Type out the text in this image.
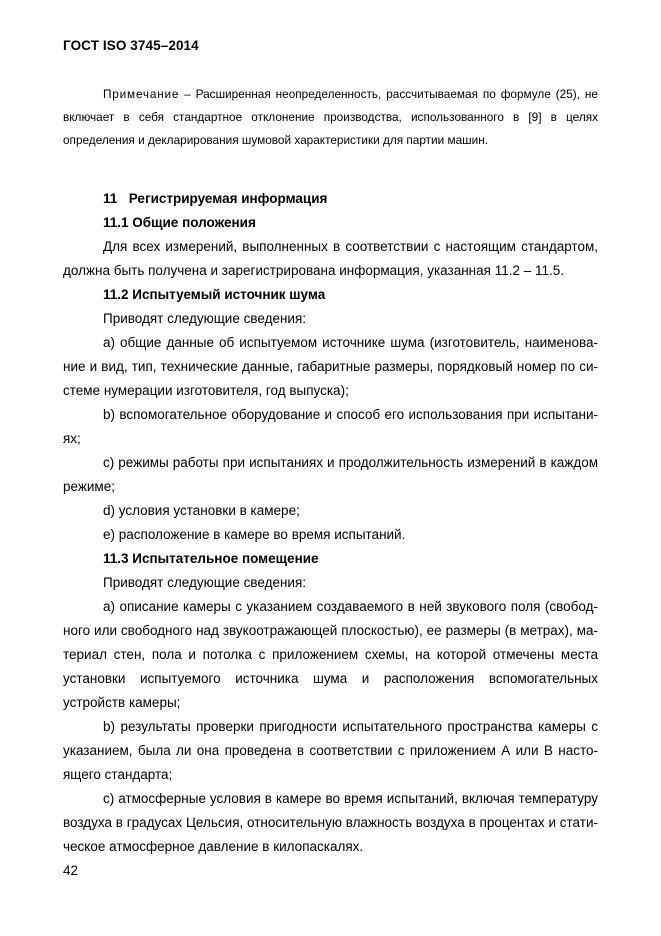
ГОСТ ISO 3745–2014

Примечание – Расширенная неопределенность, рассчитываемая по формуле (25), не включает в себя стандартное отклонение производства, использованного в [9] в целях определения и декларирования шумовой характеристики для партии машин.

11 Регистрируемая информация

11.1 Общие положения

Для всех измерений, выполненных в соответствии с настоящим стандартом, должна быть получена и зарегистрирована информация, указанная 11.2 – 11.5.

11.2 Испытуемый источник шума

Приводят следующие сведения:

a) общие данные об испытуемом источнике шума (изготовитель, наименование и вид, тип, технические данные, габаритные размеры, порядковый номер по системе нумерации изготовителя, год выпуска);

b) вспомогательное оборудование и способ его использования при испытаниях;

c) режимы работы при испытаниях и продолжительность измерений в каждом режиме;

d) условия установки в камере;

e) расположение в камере во время испытаний.

11.3 Испытательное помещение

Приводят следующие сведения:

a) описание камеры с указанием создаваемого в ней звукового поля (свободного или свободного над звукоотражающей плоскостью), ее размеры (в метрах), материал стен, пола и потолка с приложением схемы, на которой отмечены места установки испытуемого источника шума и расположения вспомогательных устройств камеры;

b) результаты проверки пригодности испытательного пространства камеры с указанием, была ли она проведена в соответствии с приложением А или В настоящего стандарта;

c) атмосферные условия в камере во время испытаний, включая температуру воздуха в градусах Цельсия, относительную влажность воздуха в процентах и статическое атмосферное давление в килопаскалях.

42
